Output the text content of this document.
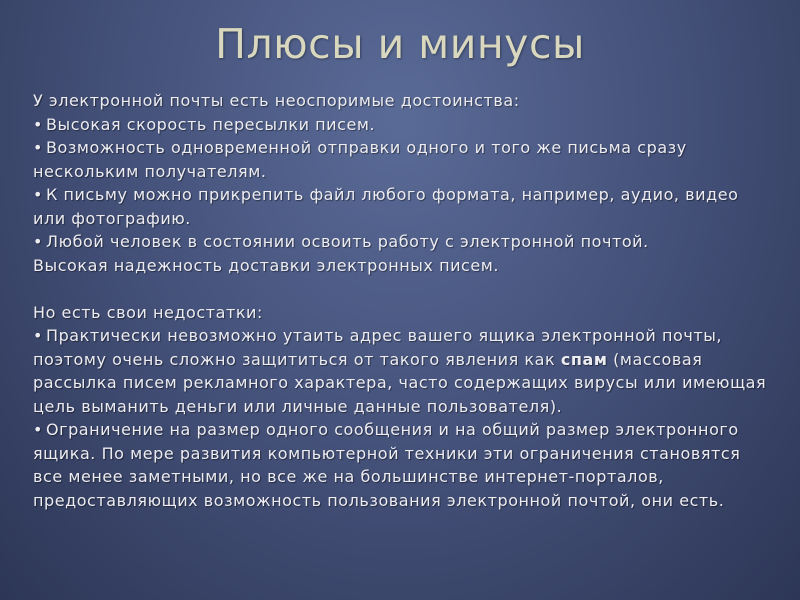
Плюсы и минусы

У электронной почты есть неоспоримые достоинства:

• Высокая скорость пересылки писем.

• Возможность одновременной отправки одного и того же письма сразу нескольким получателям.

• К письму можно прикрепить файл любого формата, например, аудио, видео или фотографию.

• Любой человек в состоянии освоить работу с электронной почтой.

Высокая надежность доставки электронных писем.

Но есть свои недостатки:

• Практически невозможно утаить адрес вашего ящика электронной почты, поэтому очень сложно защититься от такого явления как спам (массовая рассылка писем рекламного характера, часто содержащих вирусы или имеющая цель выманить деньги или личные данные пользователя).

• Ограничение на размер одного сообщения и на общий размер электронного ящика. По мере развития компьютерной техники эти ограничения становятся все менее заметными, но все же на большинстве интернет-порталов, предоставляющих возможность пользования электронной почтой, они есть.
